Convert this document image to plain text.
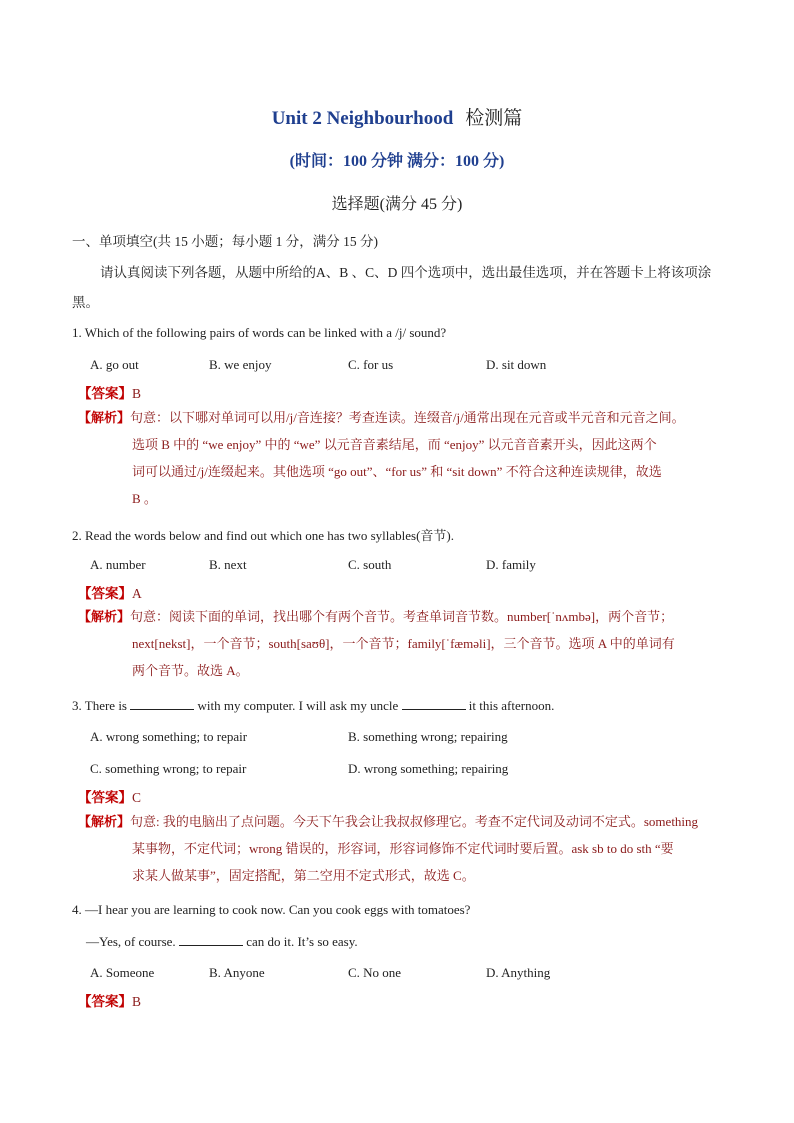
Unit 2 Neighbourhood 检测篇
(时间：100 分钟 满分：100 分)
选择题(满分 45 分)
一、单项填空(共 15 小题；每小题 1 分，满分 15 分)
请认真阅读下列各题，从题中所给的A、B 、C、D 四个选项中，选出最佳选项，并在答题卡上将该项涂黑。
1. Which of the following pairs of words can be linked with a /j/ sound?
A. go out	B. we enjoy	C. for us	D. sit down
【答案】B
【解析】句意：以下哪对单词可以用/j/音连接？考查连读。连缀音/j/通常出现在元音或半元音和元音之间。
选项 B 中的 “we enjoy” 中的 “we” 以元音音素结尾，而 “enjoy” 以元音音素开头，因此这两个
词可以通过/j/连缀起来。其他选项 “go out”、“for us” 和 “sit down” 不符合这种连读规律，故选
B 。
2. Read the words below and find out which one has two syllables(音节).
A. number	B. next	C. south	D. family
【答案】A
【解析】句意：阅读下面的单词，找出哪个有两个音节。考查单词音节数。number[ˈnʌmbə]，两个音节；
next[nekst]，一个音节；south[saʊθ]，一个音节；family[ˈfæməli]，三个音节。选项 A 中的单词有
两个音节。故选 A。
3. There is	with my computer. I will ask my uncle	it this afternoon.
A. wrong something; to repair	B. something wrong; repairing
C. something wrong; to repair	D. wrong something; repairing
【答案】C
【解析】句意: 我的电脑出了点问题。今天下午我会让我叔叔修理它。考查不定代词及动词不定式。something
某事物，不定代词；wrong 错误的，形容词，形容词修饰不定代词时要后置。ask sb to do sth “要
求某人做某事”，固定搭配，第二空用不定式形式，故选 C。
4. —I hear you are learning to cook now. Can you cook eggs with tomatoes?
—Yes, of course.	can do it. It’s so easy.
A. Someone	B. Anyone	C. No one	D. Anything
【答案】B
